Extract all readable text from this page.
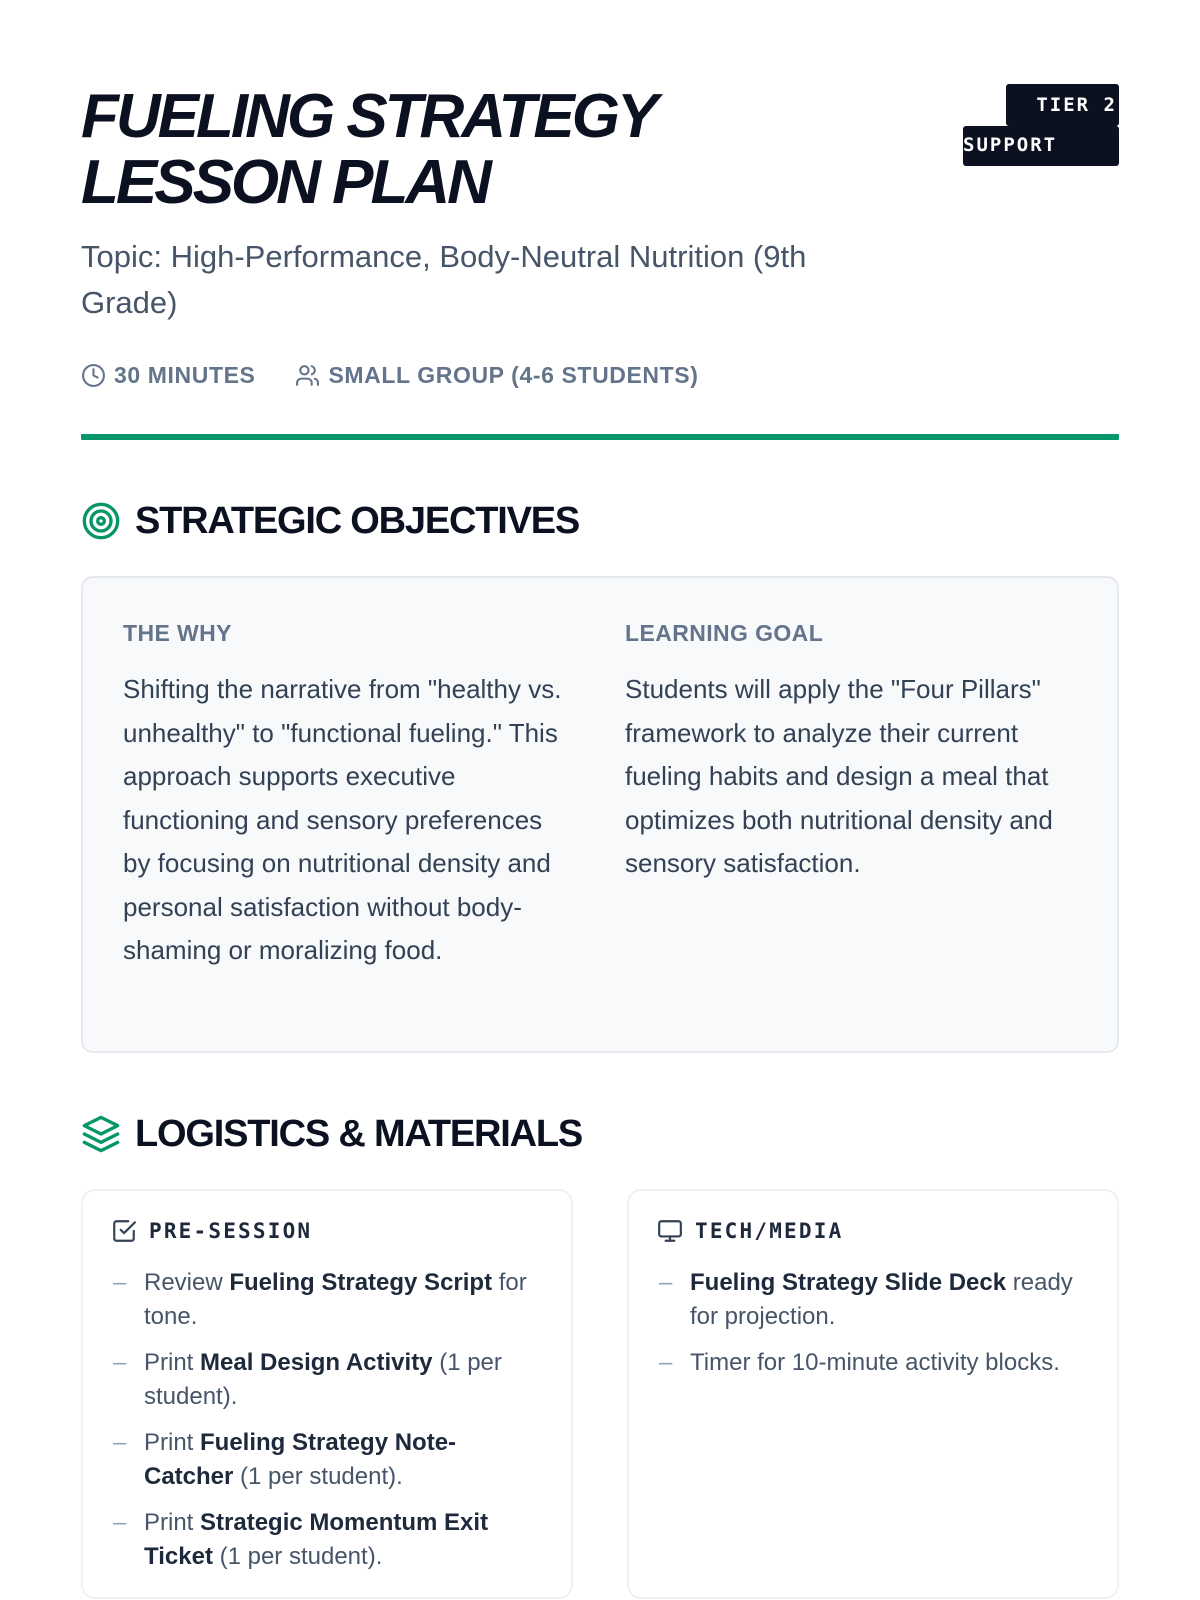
FUELING STRATEGY LESSON PLAN
TIER 2
SUPPORT

Topic: High-Performance, Body-Neutral Nutrition (9th Grade)

30 MINUTES	SMALL GROUP (4-6 STUDENTS)
STRATEGIC OBJECTIVES
THE WHY

Shifting the narrative from "healthy vs. unhealthy" to "functional fueling." This approach supports executive functioning and sensory preferences by focusing on nutritional density and personal satisfaction without body-shaming or moralizing food.

LEARNING GOAL

Students will apply the "Four Pillars" framework to analyze their current fueling habits and design a meal that optimizes both nutritional density and sensory satisfaction.

LOGISTICS & MATERIALS
PRE-SESSION
– Review Fueling Strategy Script for tone.
– Print Meal Design Activity (1 per student).
– Print Fueling Strategy Note-Catcher (1 per student).
– Print Strategic Momentum Exit Ticket (1 per student).
TECH/MEDIA
– Fueling Strategy Slide Deck ready for projection.
– Timer for 10-minute activity blocks.
